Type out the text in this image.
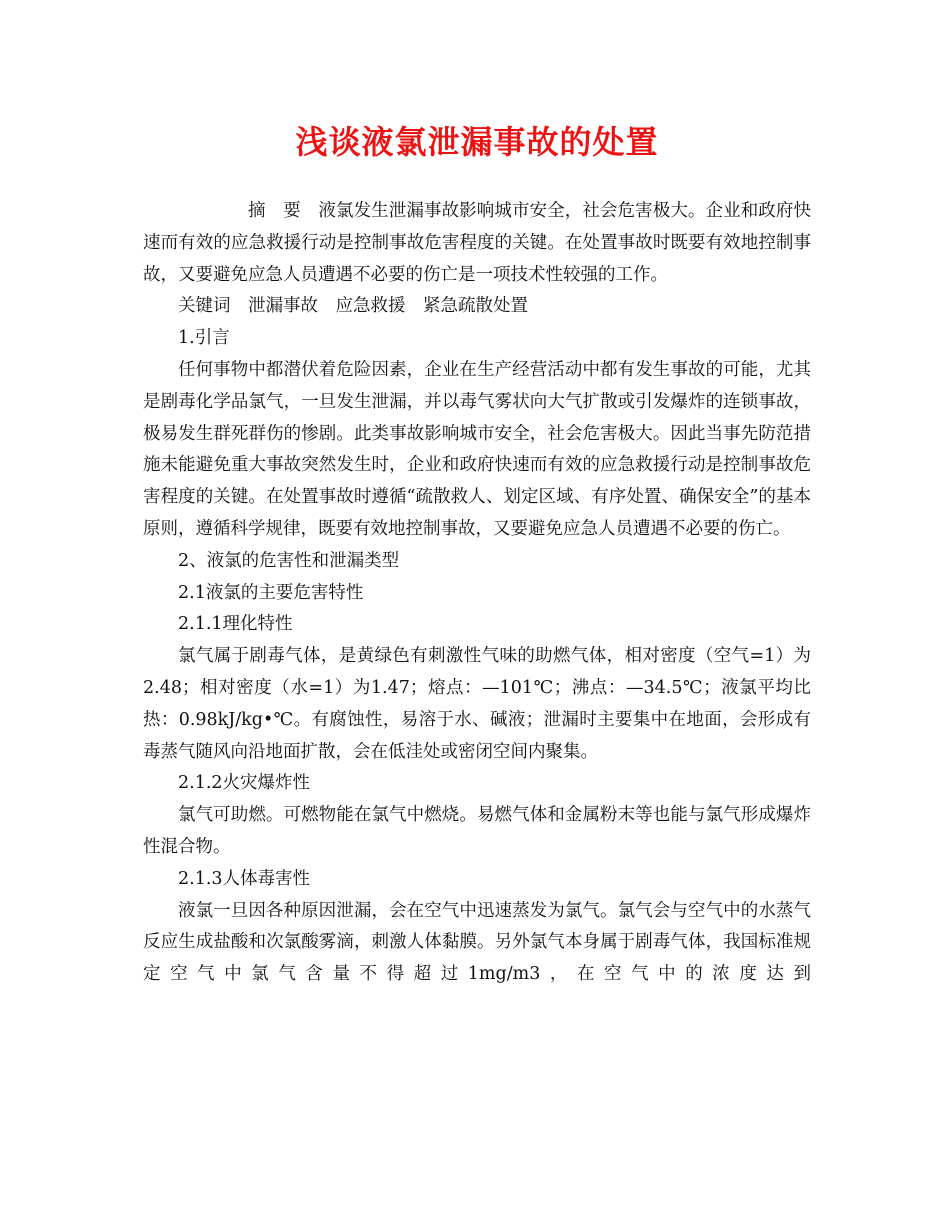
浅谈液氯泄漏事故的处置

摘　要　液氯发生泄漏事故影响城市安全，社会危害极大。企业和政府快速而有效的应急救援行动是控制事故危害程度的关键。在处置事故时既要有效地控制事故，又要避免应急人员遭遇不必要的伤亡是一项技术性较强的工作。

关键词　泄漏事故　应急救援　紧急疏散处置

1.引言

任何事物中都潜伏着危险因素，企业在生产经营活动中都有发生事故的可能，尤其是剧毒化学品氯气，一旦发生泄漏，并以毒气雾状向大气扩散或引发爆炸的连锁事故，极易发生群死群伤的惨剧。此类事故影响城市安全，社会危害极大。因此当事先防范措施未能避免重大事故突然发生时，企业和政府快速而有效的应急救援行动是控制事故危害程度的关键。在处置事故时遵循“疏散救人、划定区域、有序处置、确保安全”的基本原则，遵循科学规律，既要有效地控制事故，又要避免应急人员遭遇不必要的伤亡。

2、液氯的危害性和泄漏类型

2.1液氯的主要危害特性

2.1.1理化特性

氯气属于剧毒气体，是黄绿色有刺激性气味的助燃气体，相对密度（空气=1）为2.48；相对密度（水=1）为1.47；熔点：—101℃；沸点：—34.5℃；液氯平均比热：0.98kJ/kg•℃。有腐蚀性，易溶于水、碱液；泄漏时主要集中在地面，会形成有毒蒸气随风向沿地面扩散，会在低洼处或密闭空间内聚集。

2.1.2火灾爆炸性

氯气可助燃。可燃物能在氯气中燃烧。易燃气体和金属粉末等也能与氯气形成爆炸性混合物。

2.1.3人体毒害性

液氯一旦因各种原因泄漏，会在空气中迅速蒸发为氯气。氯气会与空气中的水蒸气反应生成盐酸和次氯酸雾滴，刺激人体黏膜。另外氯气本身属于剧毒气体，我国标准规定空气中氯气含量不得超过1mg/m3，在空气中的浓度达到
